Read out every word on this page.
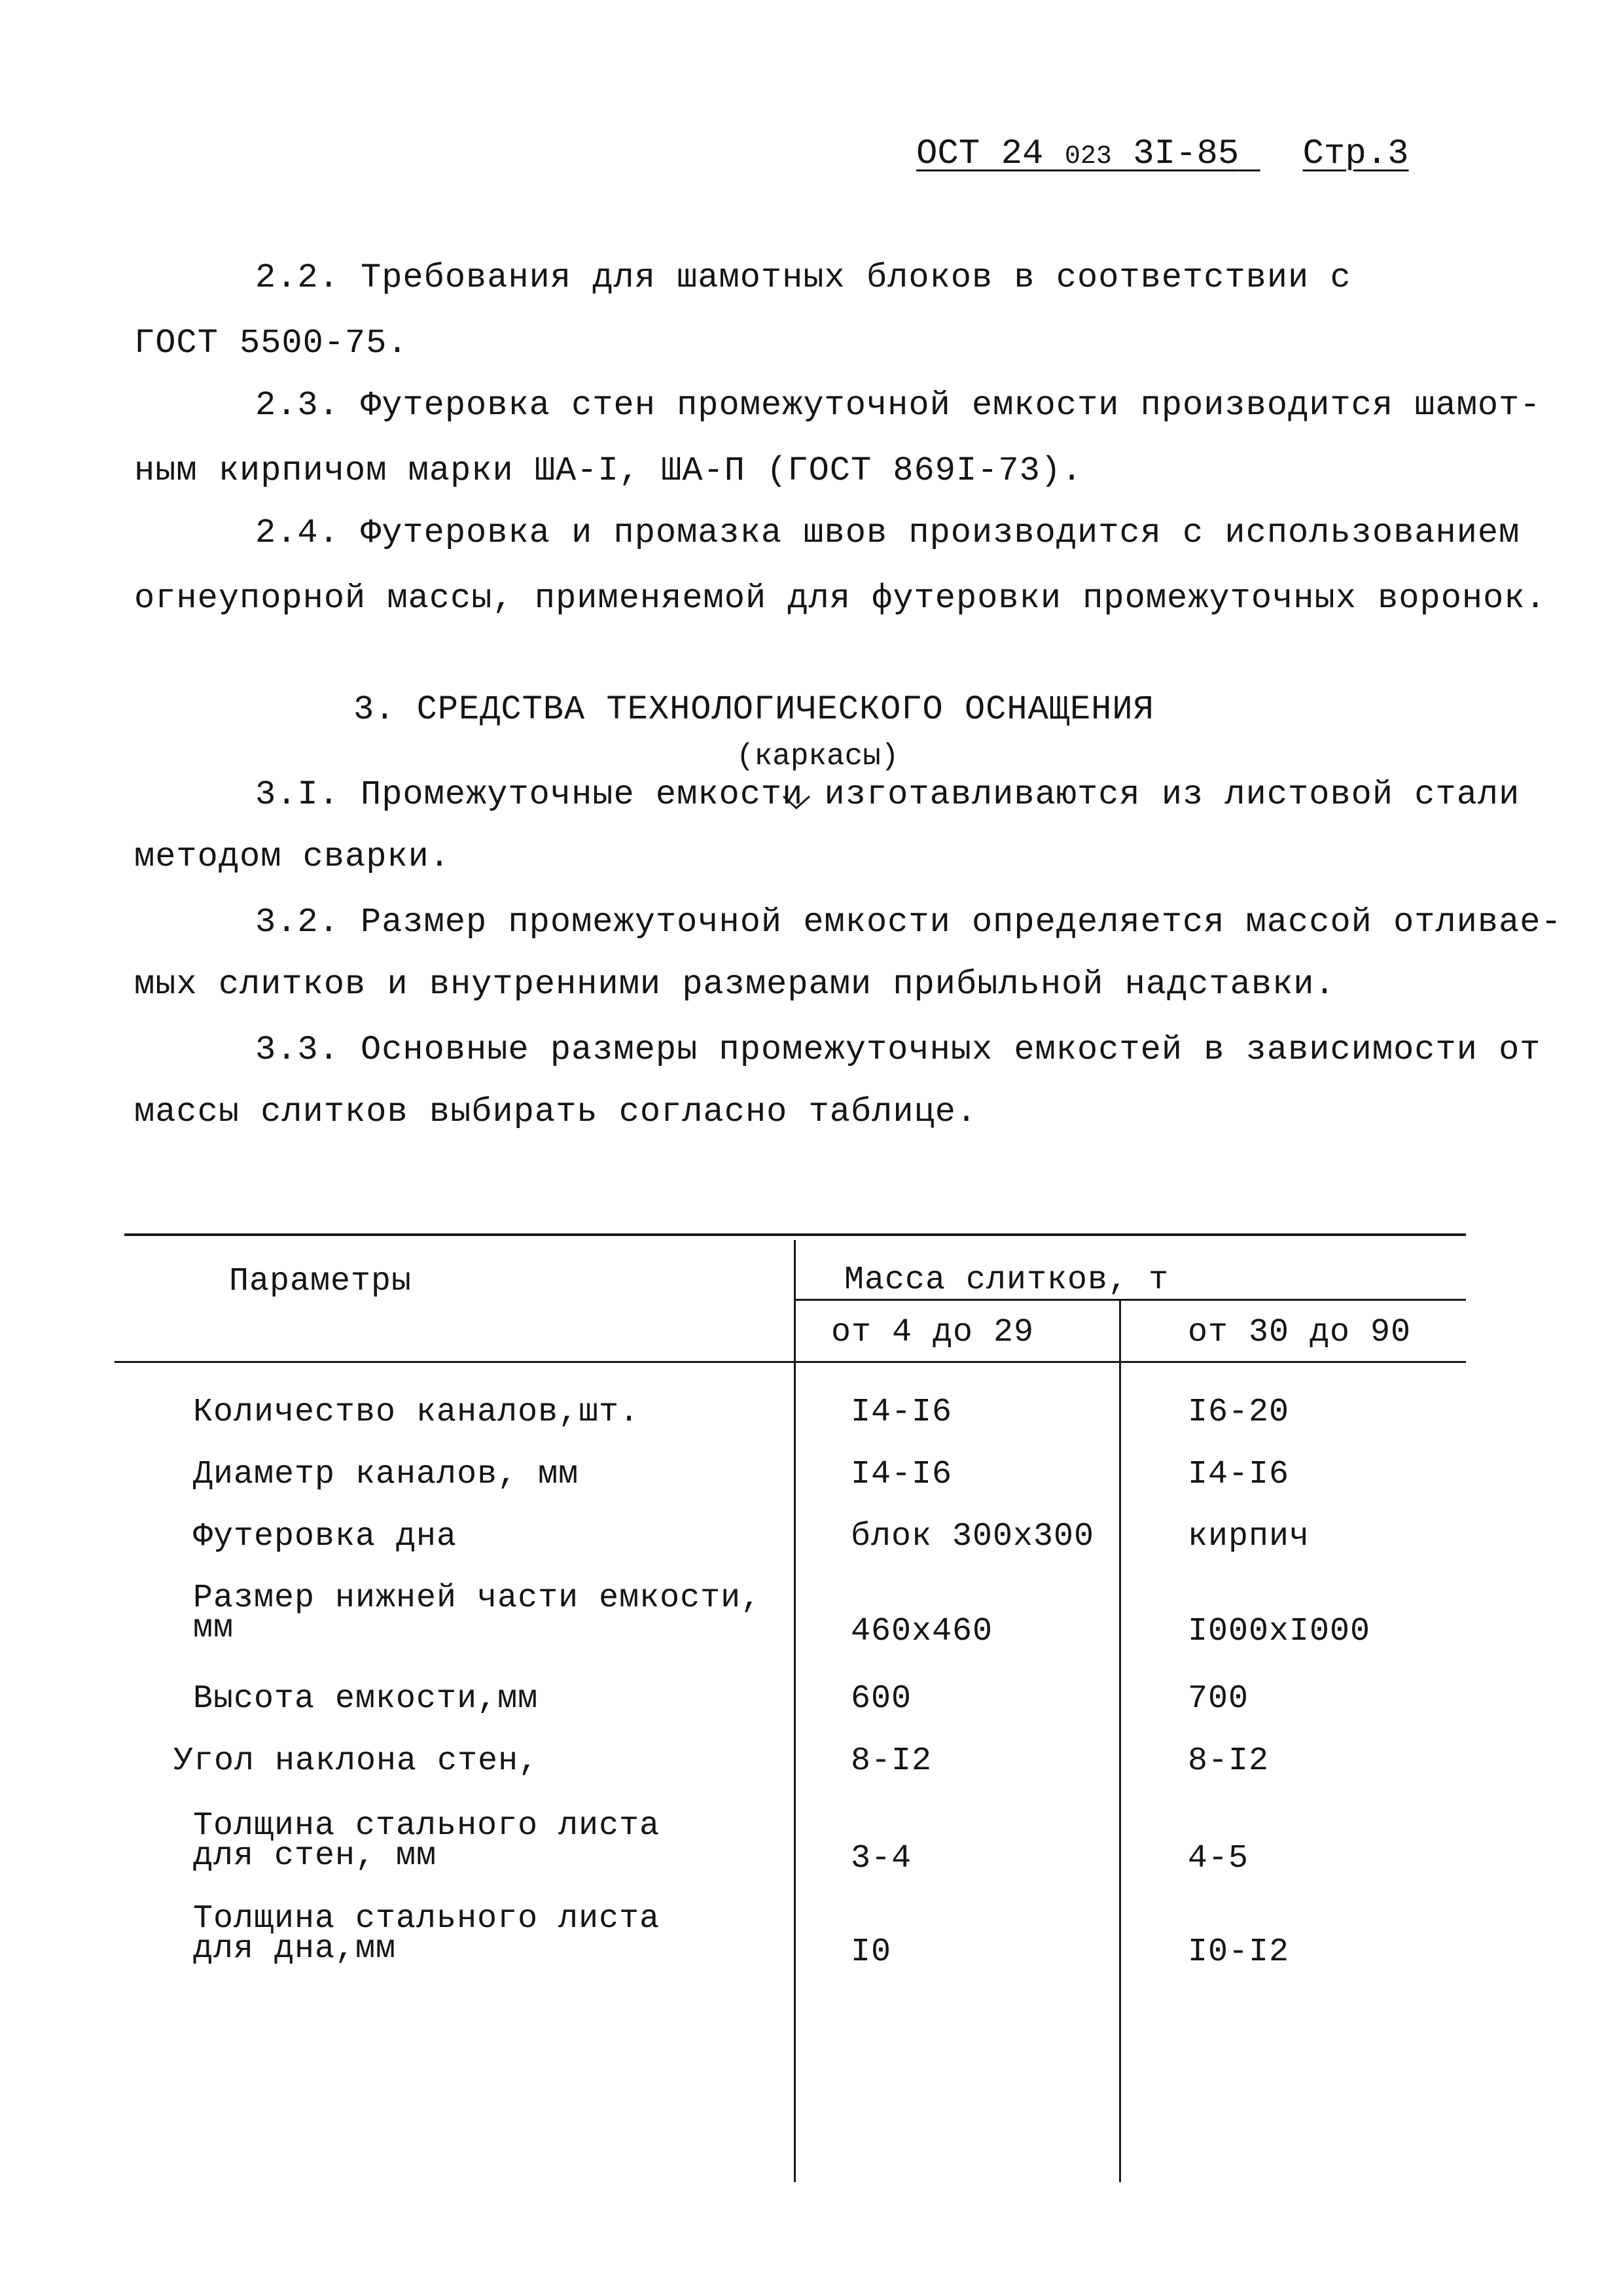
ОСТ 24 023 3I-85 Стр.3
2.2. Требования для шамотных блоков в соответствии с
ГОСТ 5500-75.
2.3. Футеровка стен промежуточной емкости производится шамот-
ным кирпичом марки ША-I, ША-П (ГОСТ 869I-73).
2.4. Футеровка и промазка швов производится с использованием
огнеупорной массы, применяемой для футеровки промежуточных воронок.
3. СРЕДСТВА ТЕХНОЛОГИЧЕСКОГО ОСНАЩЕНИЯ
(каркасы)
3.I. Промежуточные емкости изготавливаются из листовой стали
методом сварки.
3.2. Размер промежуточной емкости определяется массой отливае-
мых слитков и внутренними размерами прибыльной надставки.
3.3. Основные размеры промежуточных емкостей в зависимости от
массы слитков выбирать согласно таблице.
Параметры	Масса слитков, т
от 4 до 29	от 30 до 90
Количество каналов,шт.	I4-I6	I6-20
Диаметр каналов, мм	I4-I6	I4-I6
Футеровка дна	блок 300х300	кирпич
Размер нижней части емкости,
мм	460х460	I000хI000
Высота емкости,мм	600	700
Угол наклона стен,	8-I2	8-I2
Толщина стального листа
для стен, мм	3-4	4-5
Толщина стального листа
для дна,мм	I0	I0-I2
